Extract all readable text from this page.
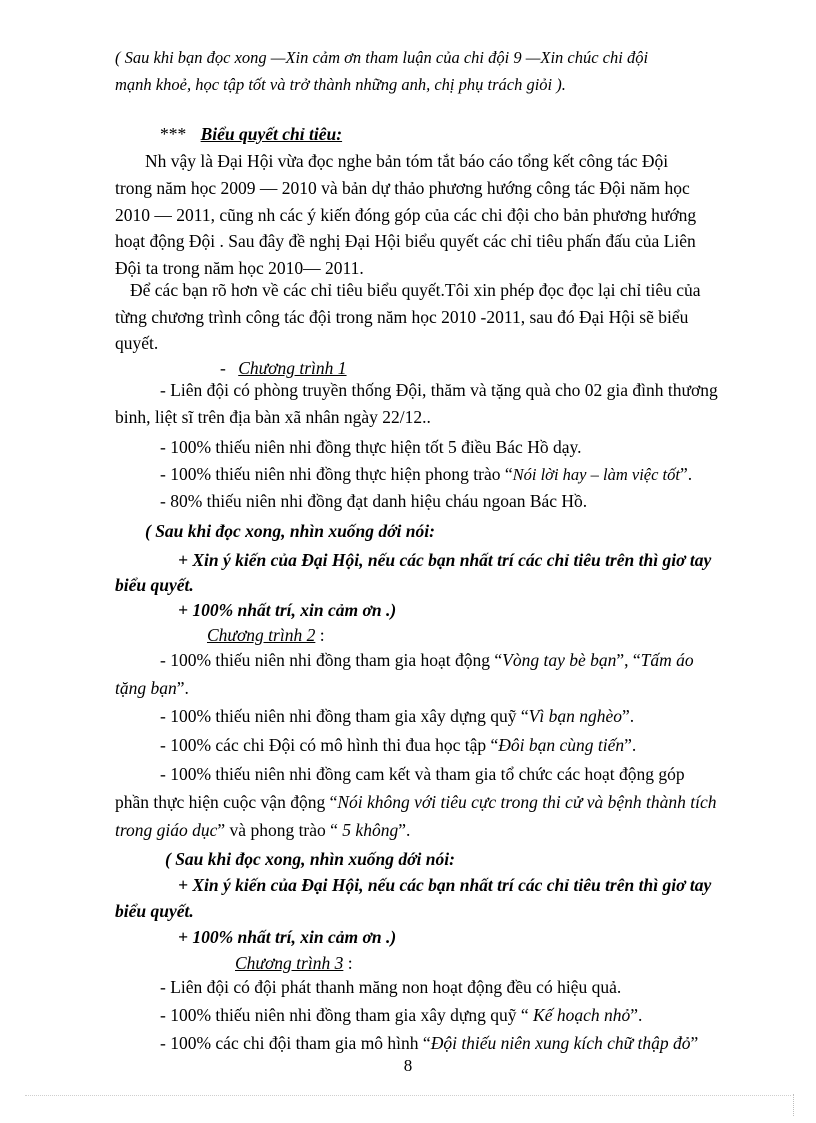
( Sau khi bạn đọc xong —Xin cảm ơn tham luận của chi đội 9 —Xin chúc chi đội
mạnh khoẻ, học tập tốt và trở thành những anh, chị phụ trách giỏi ).
*** Biểu quyết chỉ tiêu:
Nh vậy là Đại Hội vừa đọc nghe bản tóm tắt báo cáo tổng kết công tác Đội
trong năm học 2009 — 2010 và bản dự thảo phương hướng công tác Đội năm học
2010 — 2011, cũng nh các ý kiến đóng góp của các chi đội cho bản phương hướng
hoạt động Đội . Sau đây đề nghị Đại Hội biểu quyết các chỉ tiêu phấn đấu của Liên
Đội ta trong năm học 2010— 2011.
Để các bạn rõ hơn về các chỉ tiêu biểu quyết.Tôi xin phép đọc đọc lại chỉ tiêu của
từng chương trình công tác đội trong năm học 2010 -2011, sau đó Đại Hội sẽ biểu
quyết.
- Chương trình 1
- Liên đội có phòng truyền thống Đội, thăm và tặng quà cho 02 gia đình thương
binh, liệt sĩ trên địa bàn xã nhân ngày 22/12..
- 100% thiếu niên nhi đồng thực hiện tốt 5 điều Bác Hồ dạy.
- 100% thiếu niên nhi đồng thực hiện phong trào “Nói lời hay – làm việc tốt”.
- 80% thiếu niên nhi đồng đạt danh hiệu cháu ngoan Bác Hồ.
( Sau khi đọc xong, nhìn xuống dới nói:
+ Xin ý kiến của Đại Hội, nếu các bạn nhất trí các chỉ tiêu trên thì giơ tay
biểu quyết.
+ 100% nhất trí, xin cảm ơn .)
Chương trình 2 :
- 100% thiếu niên nhi đồng tham gia hoạt động “Vòng tay bè bạn”, “Tấm áo
tặng bạn”.
- 100% thiếu niên nhi đồng tham gia xây dựng quỹ “Vì bạn nghèo”.
- 100% các chi Đội có mô hình thi đua học tập “Đôi bạn cùng tiến”.
- 100% thiếu niên nhi đồng cam kết và tham gia tổ chức các hoạt động góp
phần thực hiện cuộc vận động “Nói không với tiêu cực trong thi cử và bệnh thành tích
trong giáo dục” và phong trào “ 5 không”.
( Sau khi đọc xong, nhìn xuống dới nói:
+ Xin ý kiến của Đại Hội, nếu các bạn nhất trí các chỉ tiêu trên thì giơ tay
biểu quyết.
+ 100% nhất trí, xin cảm ơn .)
Chương trình 3 :
- Liên đội có đội phát thanh măng non hoạt động đều có hiệu quả.
- 100% thiếu niên nhi đồng tham gia xây dựng quỹ “ Kế hoạch nhỏ”.
- 100% các chi đội tham gia mô hình “Đội thiếu niên xung kích chữ thập đỏ”
8
